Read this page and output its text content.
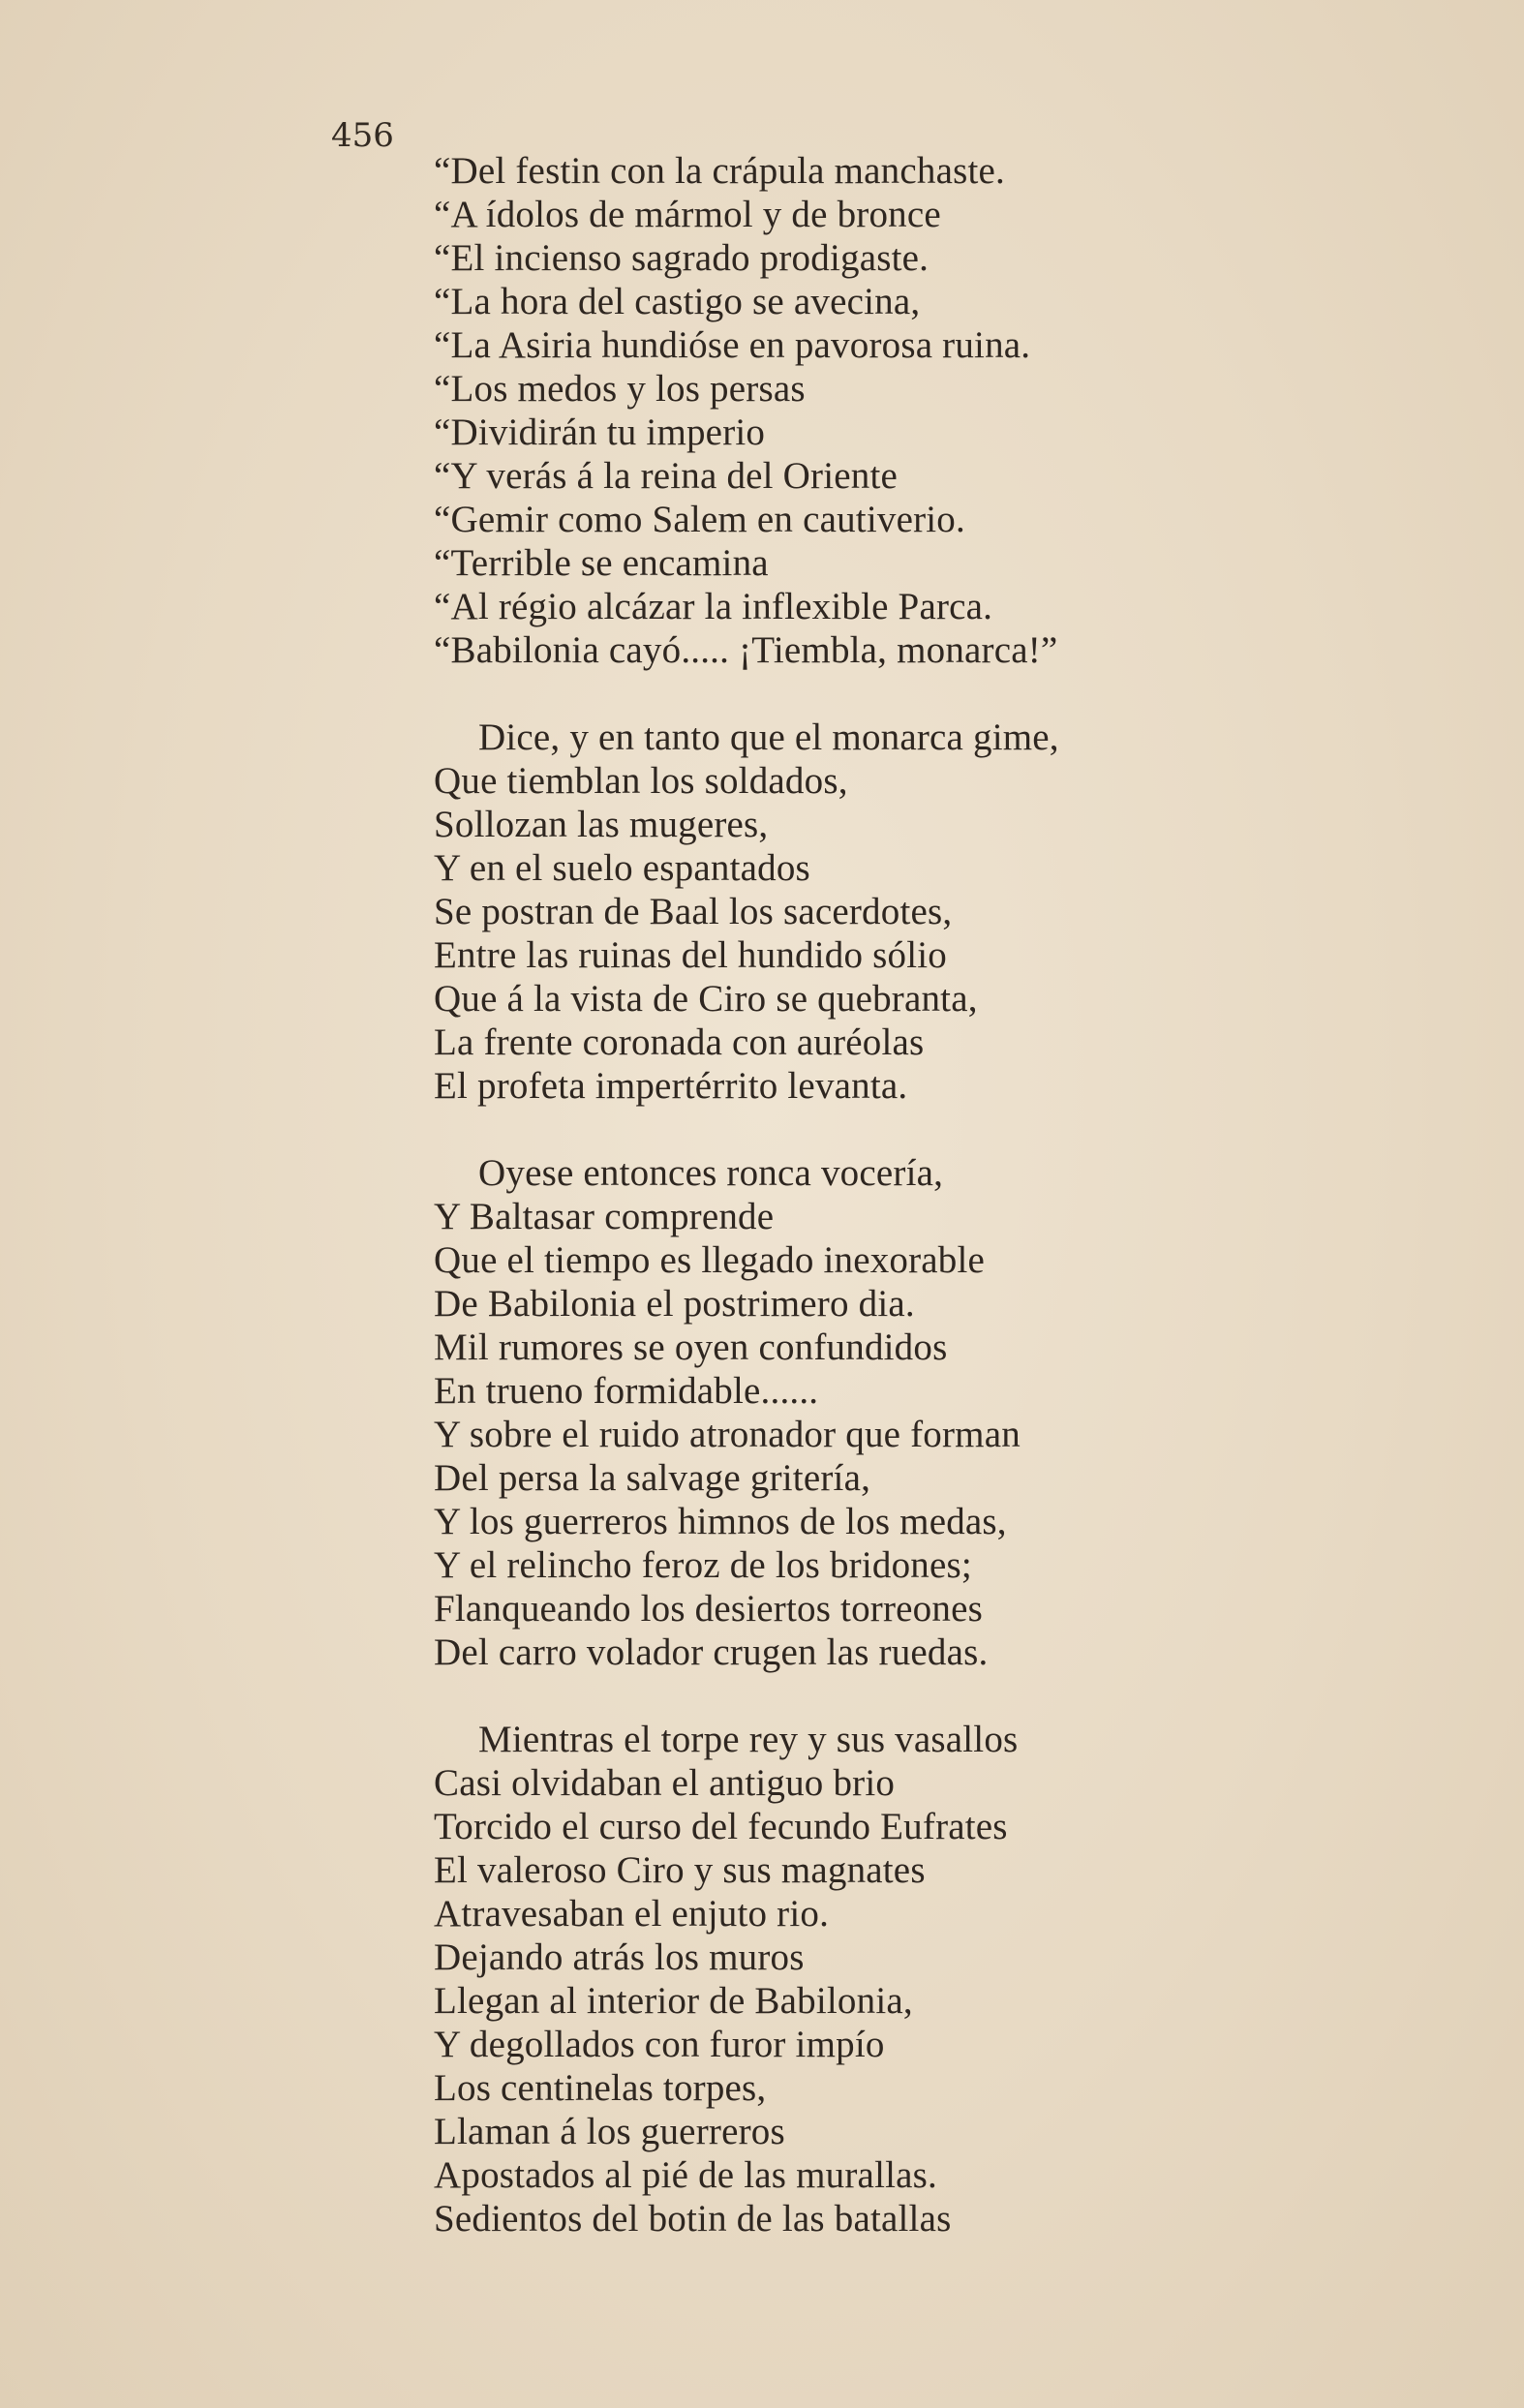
456
“Del festin con la crápula manchaste.
“A ídolos de mármol y de bronce
“El incienso sagrado prodigaste.
“La hora del castigo se avecina,
“La Asiria hundióse en pavorosa ruina.
“Los medos y los persas
“Dividirán tu imperio
“Y verás á la reina del Oriente
“Gemir como Salem en cautiverio.
“Terrible se encamina
“Al régio alcázar la inflexible Parca.
“Babilonia cayó..... ¡Tiembla, monarca!”
Dice, y en tanto que el monarca gime,
Que tiemblan los soldados,
Sollozan las mugeres,
Y en el suelo espantados
Se postran de Baal los sacerdotes,
Entre las ruinas del hundido sólio
Que á la vista de Ciro se quebranta,
La frente coronada con auréolas
El profeta impertérrito levanta.
Oyese entonces ronca vocería,
Y Baltasar comprende
Que el tiempo es llegado inexorable
De Babilonia el postrimero dia.
Mil rumores se oyen confundidos
En trueno formidable......
Y sobre el ruido atronador que forman
Del persa la salvage gritería,
Y los guerreros himnos de los medas,
Y el relincho feroz de los bridones;
Flanqueando los desiertos torreones
Del carro volador crugen las ruedas.
Mientras el torpe rey y sus vasallos
Casi olvidaban el antiguo brio
Torcido el curso del fecundo Eufrates
El valeroso Ciro y sus magnates
Atravesaban el enjuto rio.
Dejando atrás los muros
Llegan al interior de Babilonia,
Y degollados con furor impío
Los centinelas torpes,
Llaman á los guerreros
Apostados al pié de las murallas.
Sedientos del botin de las batallas
